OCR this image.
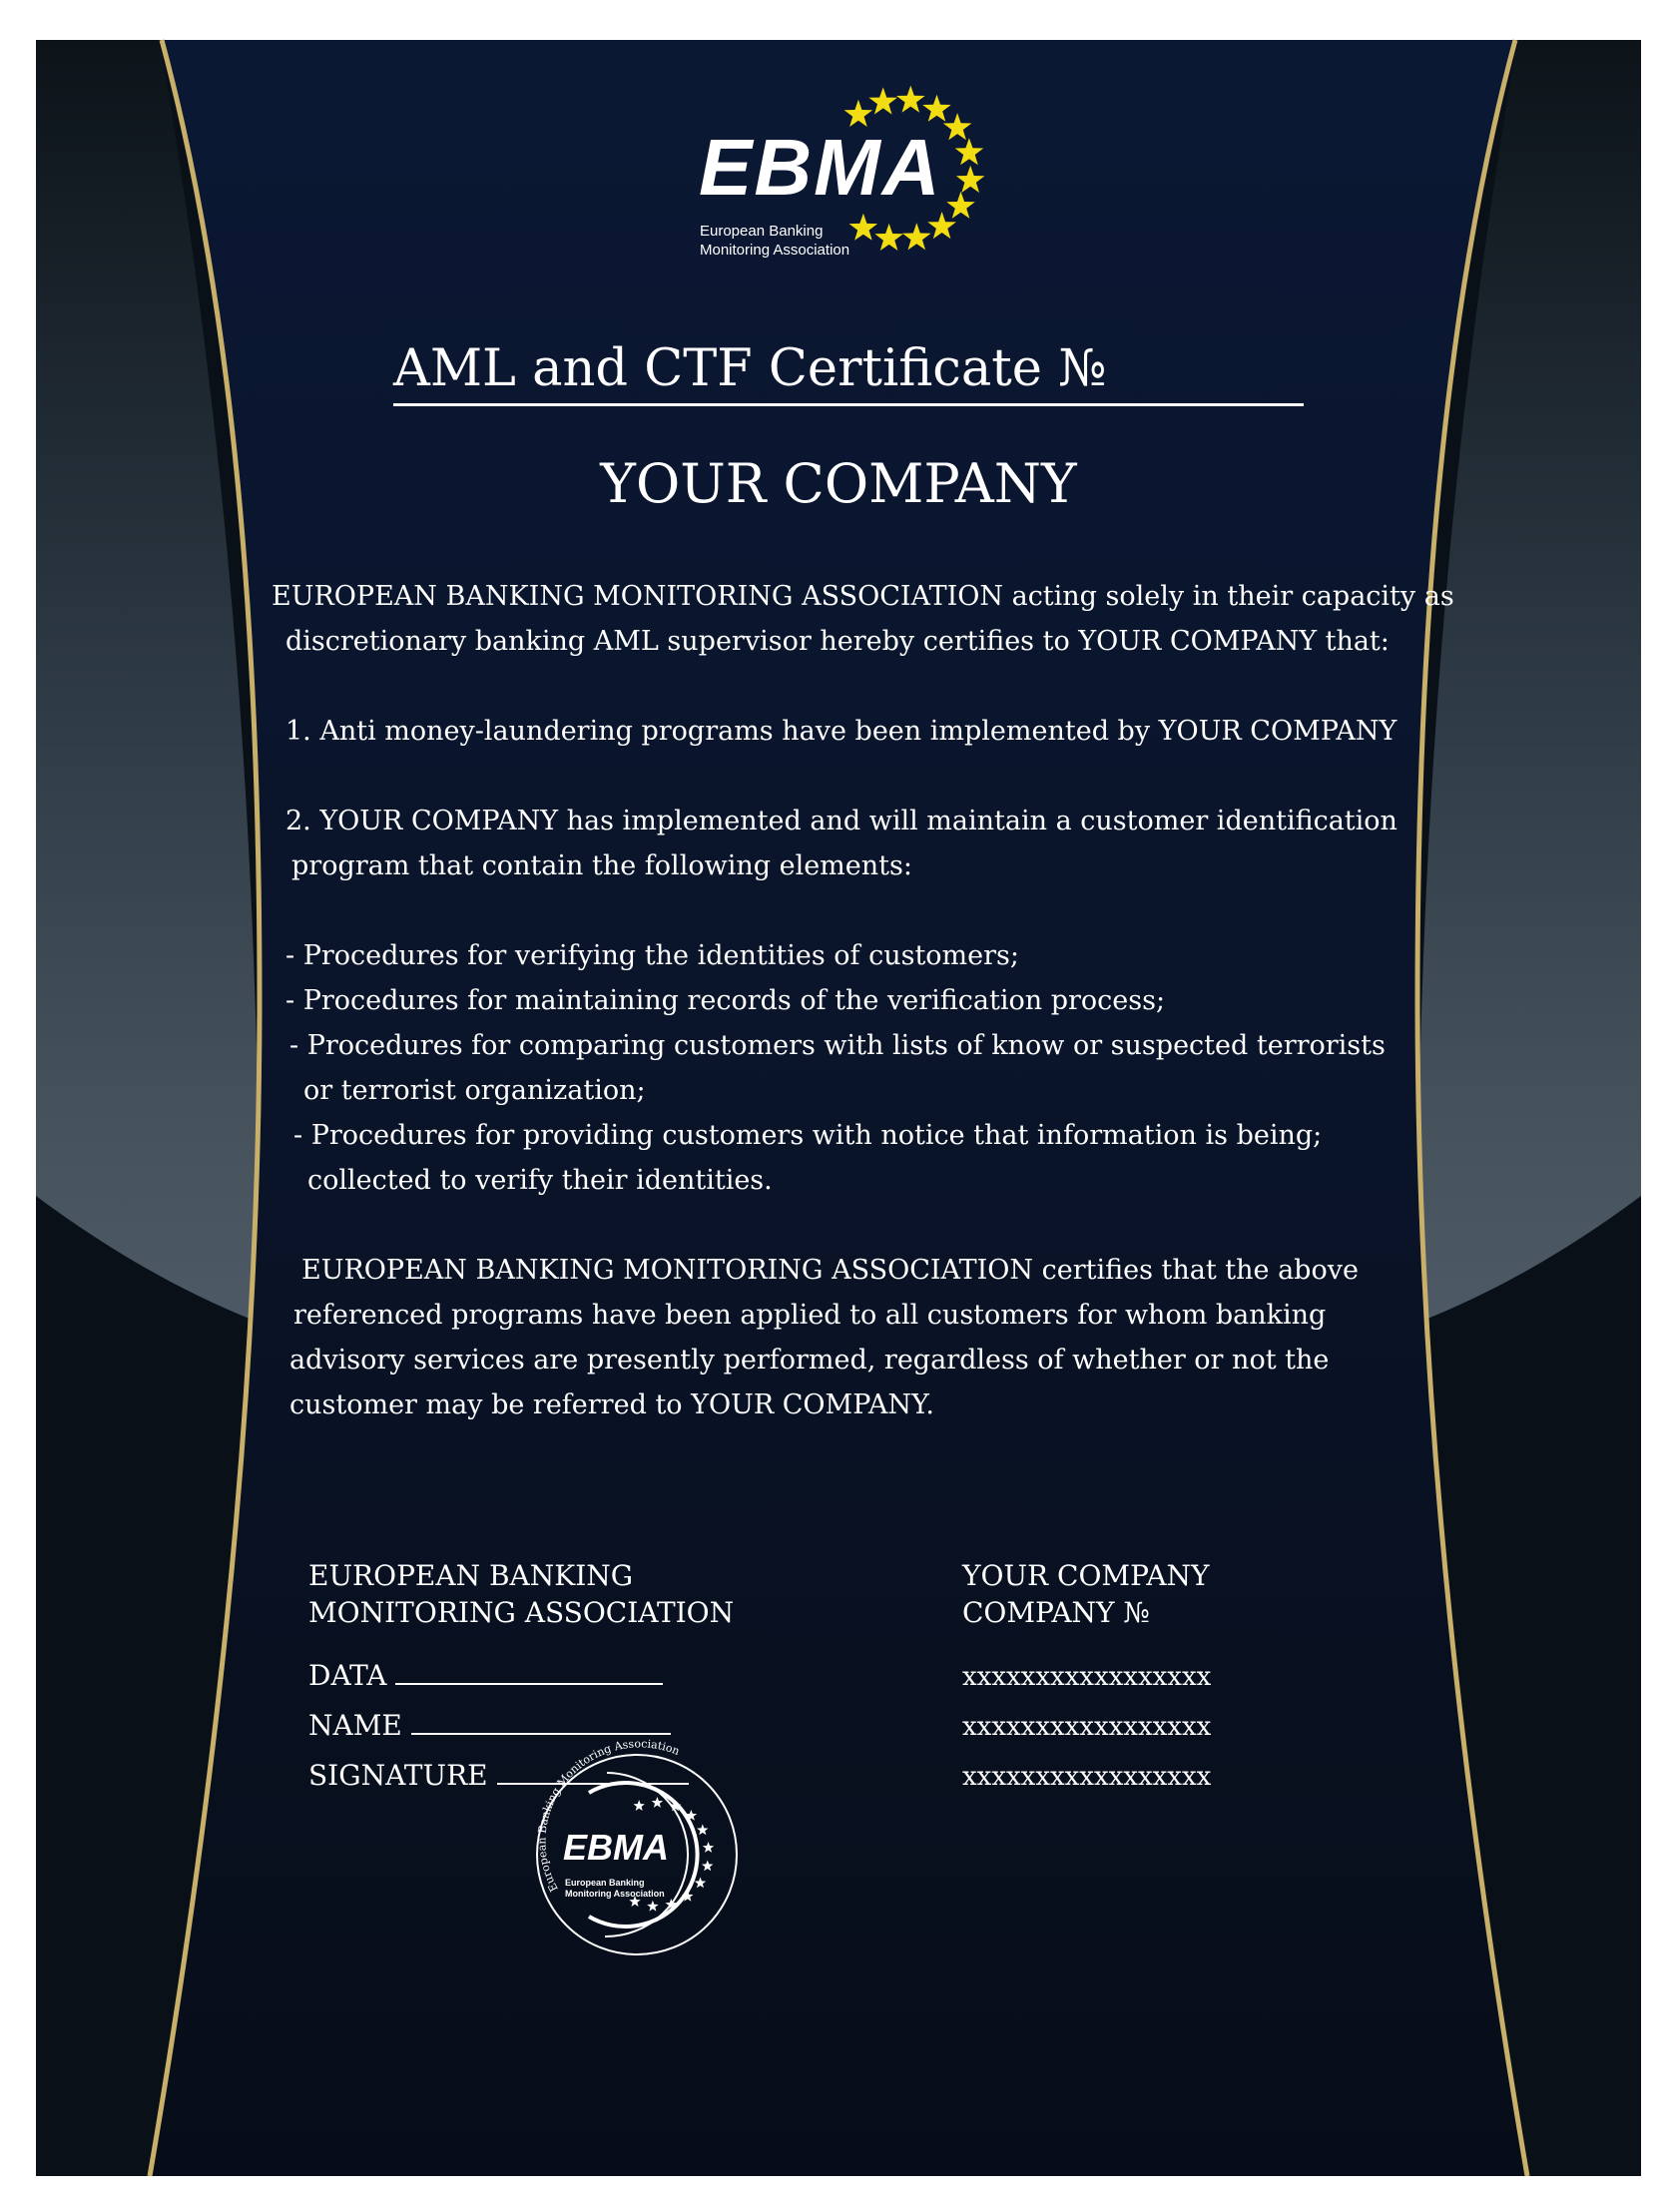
European Banking Monitoring Association
EBMA
European Banking
Monitoring Association
AML and CTF Certificate №
YOUR COMPANY
EUROPEAN BANKING MONITORING ASSOCIATION acting solely in their capacity as
discretionary banking AML supervisor hereby certifies to YOUR COMPANY that:
1. Anti money-laundering programs have been implemented by YOUR COMPANY
2. YOUR COMPANY has implemented and will maintain a customer identification
program that contain the following elements:
- Procedures for verifying the identities of customers;
- Procedures for maintaining records of the verification process;
- Procedures for comparing customers with lists of know or suspected terrorists
or terrorist organization;
- Procedures for providing customers with notice that information is being;
collected to verify their identities.
EUROPEAN BANKING MONITORING ASSOCIATION certifies that the above
referenced programs have been applied to all customers for whom banking
advisory services are presently performed, regardless of whether or not the
customer may be referred to YOUR COMPANY.
EUROPEAN BANKING
MONITORING ASSOCIATION
DATA
NAME
SIGNATURE
YOUR COMPANY
COMPANY №
xxxxxxxxxxxxxxxxx
xxxxxxxxxxxxxxxxx
xxxxxxxxxxxxxxxxx
EBMA
European Banking
Monitoring Association
